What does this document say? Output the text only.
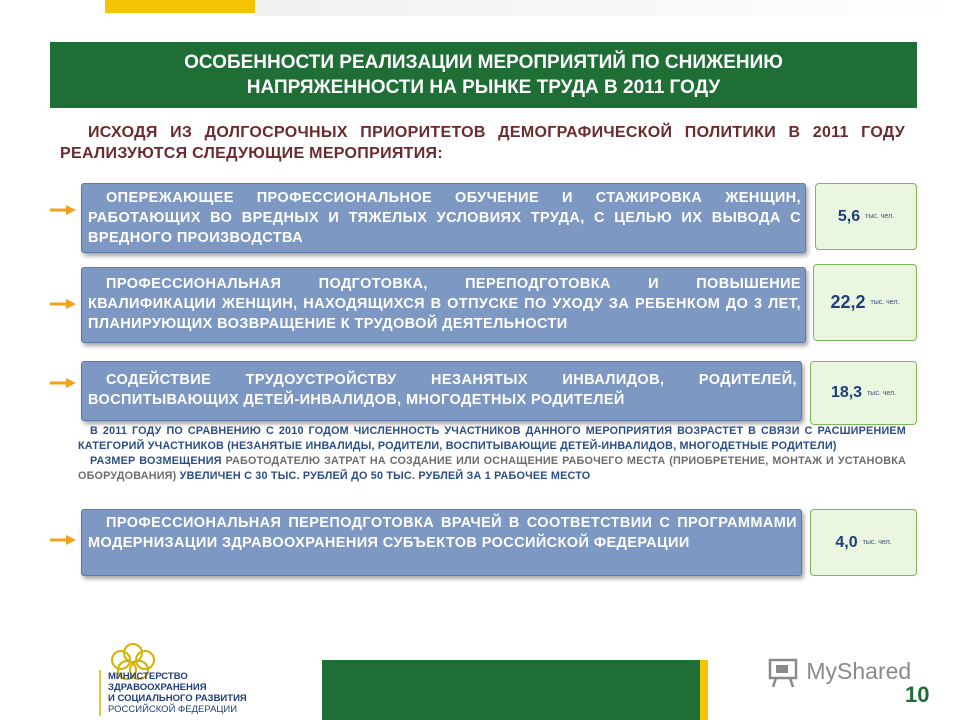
ОСОБЕННОСТИ РЕАЛИЗАЦИИ МЕРОПРИЯТИЙ ПО СНИЖЕНИЮ
НАПРЯЖЕННОСТИ НА РЫНКЕ ТРУДА В 2011 ГОДУ
ИСХОДЯ ИЗ ДОЛГОСРОЧНЫХ ПРИОРИТЕТОВ ДЕМОГРАФИЧЕСКОЙ ПОЛИТИКИ В 2011 ГОДУ РЕАЛИЗУЮТСЯ СЛЕДУЮЩИЕ МЕРОПРИЯТИЯ:
ОПЕРЕЖАЮЩЕЕ ПРОФЕССИОНАЛЬНОЕ ОБУЧЕНИЕ И СТАЖИРОВКА ЖЕНЩИН, РАБОТАЮЩИХ ВО ВРЕДНЫХ И ТЯЖЕЛЫХ УСЛОВИЯХ ТРУДА, С ЦЕЛЬЮ ИХ ВЫВОДА С ВРЕДНОГО ПРОИЗВОДСТВА
5,6 тыс. чел.
ПРОФЕССИОНАЛЬНАЯ ПОДГОТОВКА, ПЕРЕПОДГОТОВКА И ПОВЫШЕНИЕ КВАЛИФИКАЦИИ ЖЕНЩИН, НАХОДЯЩИХСЯ В ОТПУСКЕ ПО УХОДУ ЗА РЕБЕНКОМ ДО 3 ЛЕТ, ПЛАНИРУЮЩИХ ВОЗВРАЩЕНИЕ К ТРУДОВОЙ ДЕЯТЕЛЬНОСТИ
22,2 тыс. чел.
СОДЕЙСТВИЕ ТРУДОУСТРОЙСТВУ НЕЗАНЯТЫХ ИНВАЛИДОВ, РОДИТЕЛЕЙ, ВОСПИТЫВАЮЩИХ ДЕТЕЙ-ИНВАЛИДОВ, МНОГОДЕТНЫХ РОДИТЕЛЕЙ	18,3 тыс. чел.

В 2011 ГОДУ ПО СРАВНЕНИЮ С 2010 ГОДОМ ЧИСЛЕННОСТЬ УЧАСТНИКОВ ДАННОГО МЕРОПРИЯТИЯ ВОЗРАСТЕТ В СВЯЗИ С РАСШИРЕНИЕМ КАТЕГОРИЙ УЧАСТНИКОВ (НЕЗАНЯТЫЕ ИНВАЛИДЫ, РОДИТЕЛИ, ВОСПИТЫВАЮЩИЕ ДЕТЕЙ-ИНВАЛИДОВ, МНОГОДЕТНЫЕ РОДИТЕЛИ)

РАЗМЕР ВОЗМЕЩЕНИЯ РАБОТОДАТЕЛЮ ЗАТРАТ НА СОЗДАНИЕ ИЛИ ОСНАЩЕНИЕ РАБОЧЕГО МЕСТА (ПРИОБРЕТЕНИЕ, МОНТАЖ И УСТАНОВКА ОБОРУДОВАНИЯ) УВЕЛИЧЕН С 30 ТЫС. РУБЛЕЙ ДО 50 ТЫС. РУБЛЕЙ ЗА 1 РАБОЧЕЕ МЕСТО

ПРОФЕССИОНАЛЬНАЯ ПЕРЕПОДГОТОВКА ВРАЧЕЙ В СООТВЕТСТВИИ С ПРОГРАММАМИ МОДЕРНИЗАЦИИ ЗДРАВООХРАНЕНИЯ СУБЪЕКТОВ РОССИЙСКОЙ ФЕДЕРАЦИИ	4,0 тыс. чел.
МИНИСТЕРСТВО
ЗДРАВООХРАНЕНИЯ
И СОЦИАЛЬНОГО РАЗВИТИЯ
РОССИЙСКОЙ ФЕДЕРАЦИИ
MyShared
10
